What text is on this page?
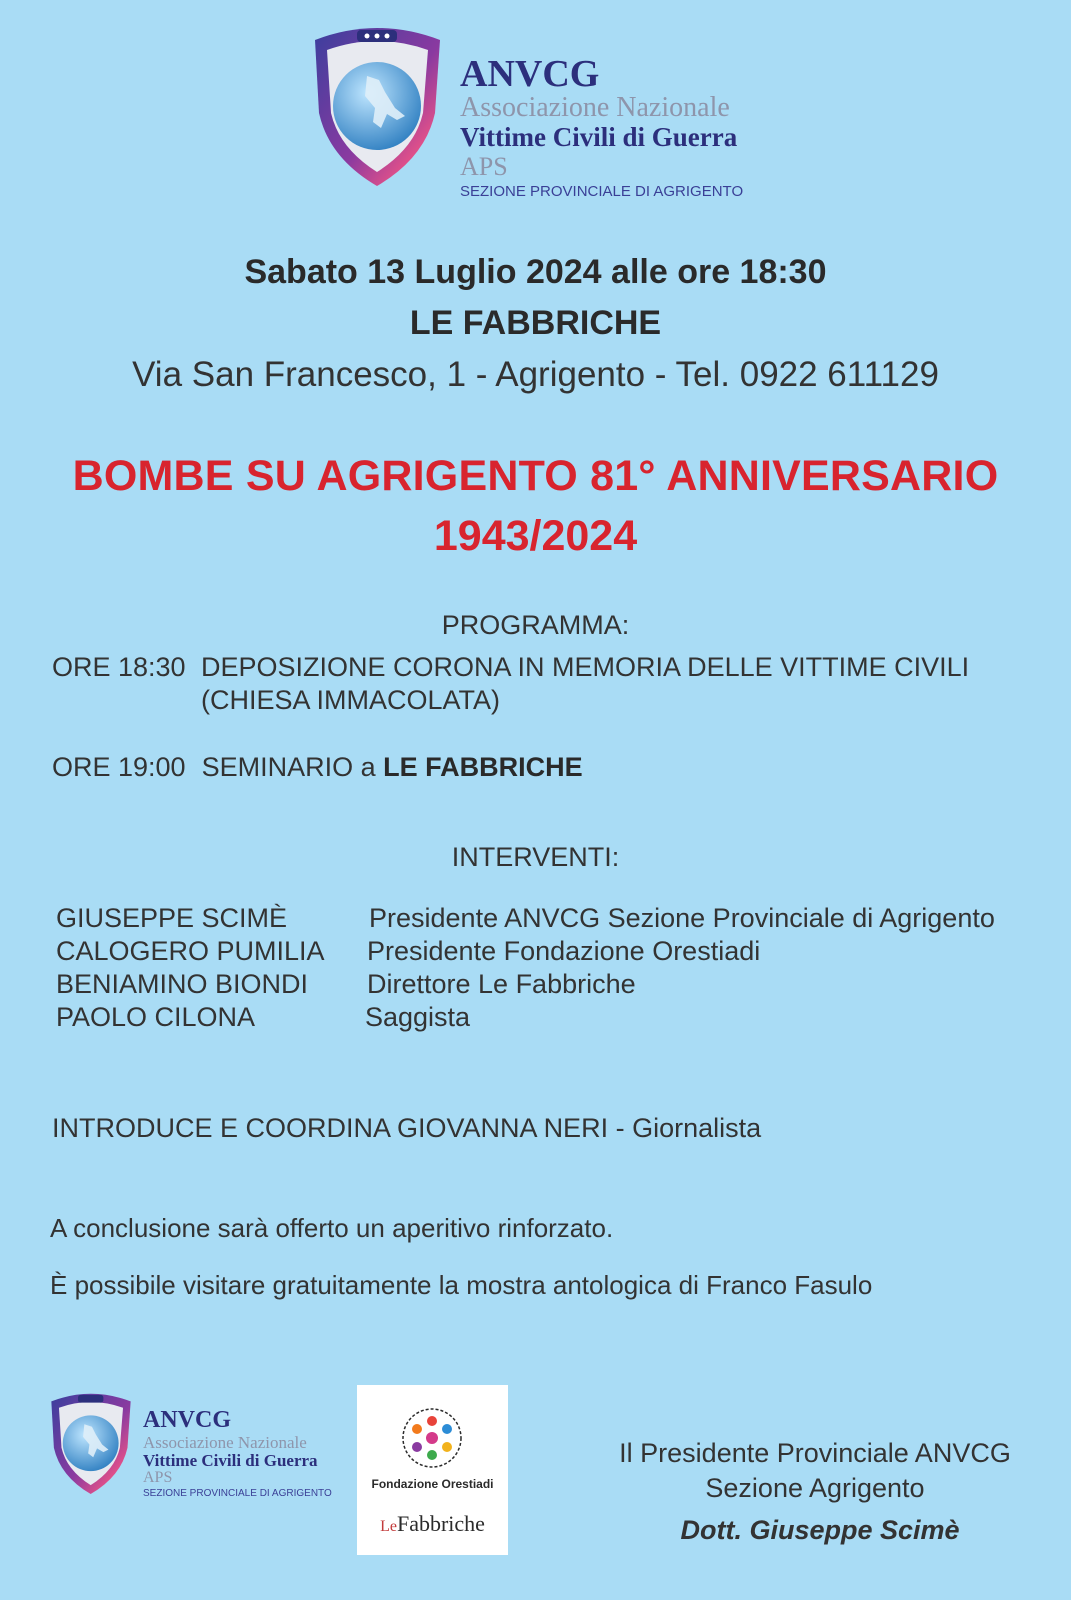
ANVCG
Associazione Nazionale
Vittime Civili di Guerra
APS
SEZIONE PROVINCIALE DI AGRIGENTO
Sabato 13 Luglio 2024 alle ore 18:30
LE FABBRICHE
Via San Francesco, 1 - Agrigento - Tel. 0922 611129
BOMBE SU AGRIGENTO 81° ANNIVERSARIO
1943/2024
PROGRAMMA:
ORE 18:30 DEPOSIZIONE CORONA IN MEMORIA DELLE VITTIME CIVILI
(CHIESA IMMACOLATA)
ORE 19:00 SEMINARIO a LE FABBRICHE
INTERVENTI:
GIUSEPPE SCIMÈ	Presidente ANVCG Sezione Provinciale di Agrigento
CALOGERO PUMILIA Presidente Fondazione Orestiadi
BENIAMINO BIONDI Direttore Le Fabbriche
PAOLO CILONA	Saggista
INTRODUCE E COORDINA GIOVANNA NERI - Giornalista
A conclusione sarà offerto un aperitivo rinforzato.
È possibile visitare gratuitamente la mostra antologica di Franco Fasulo
ANVCG
Associazione Nazionale
Vittime Civili di Guerra
APS
SEZIONE PROVINCIALE DI AGRIGENTO
Fondazione Orestiadi
LeFabbriche
Il Presidente Provinciale ANVCG
Sezione Agrigento
Dott. Giuseppe Scimè
